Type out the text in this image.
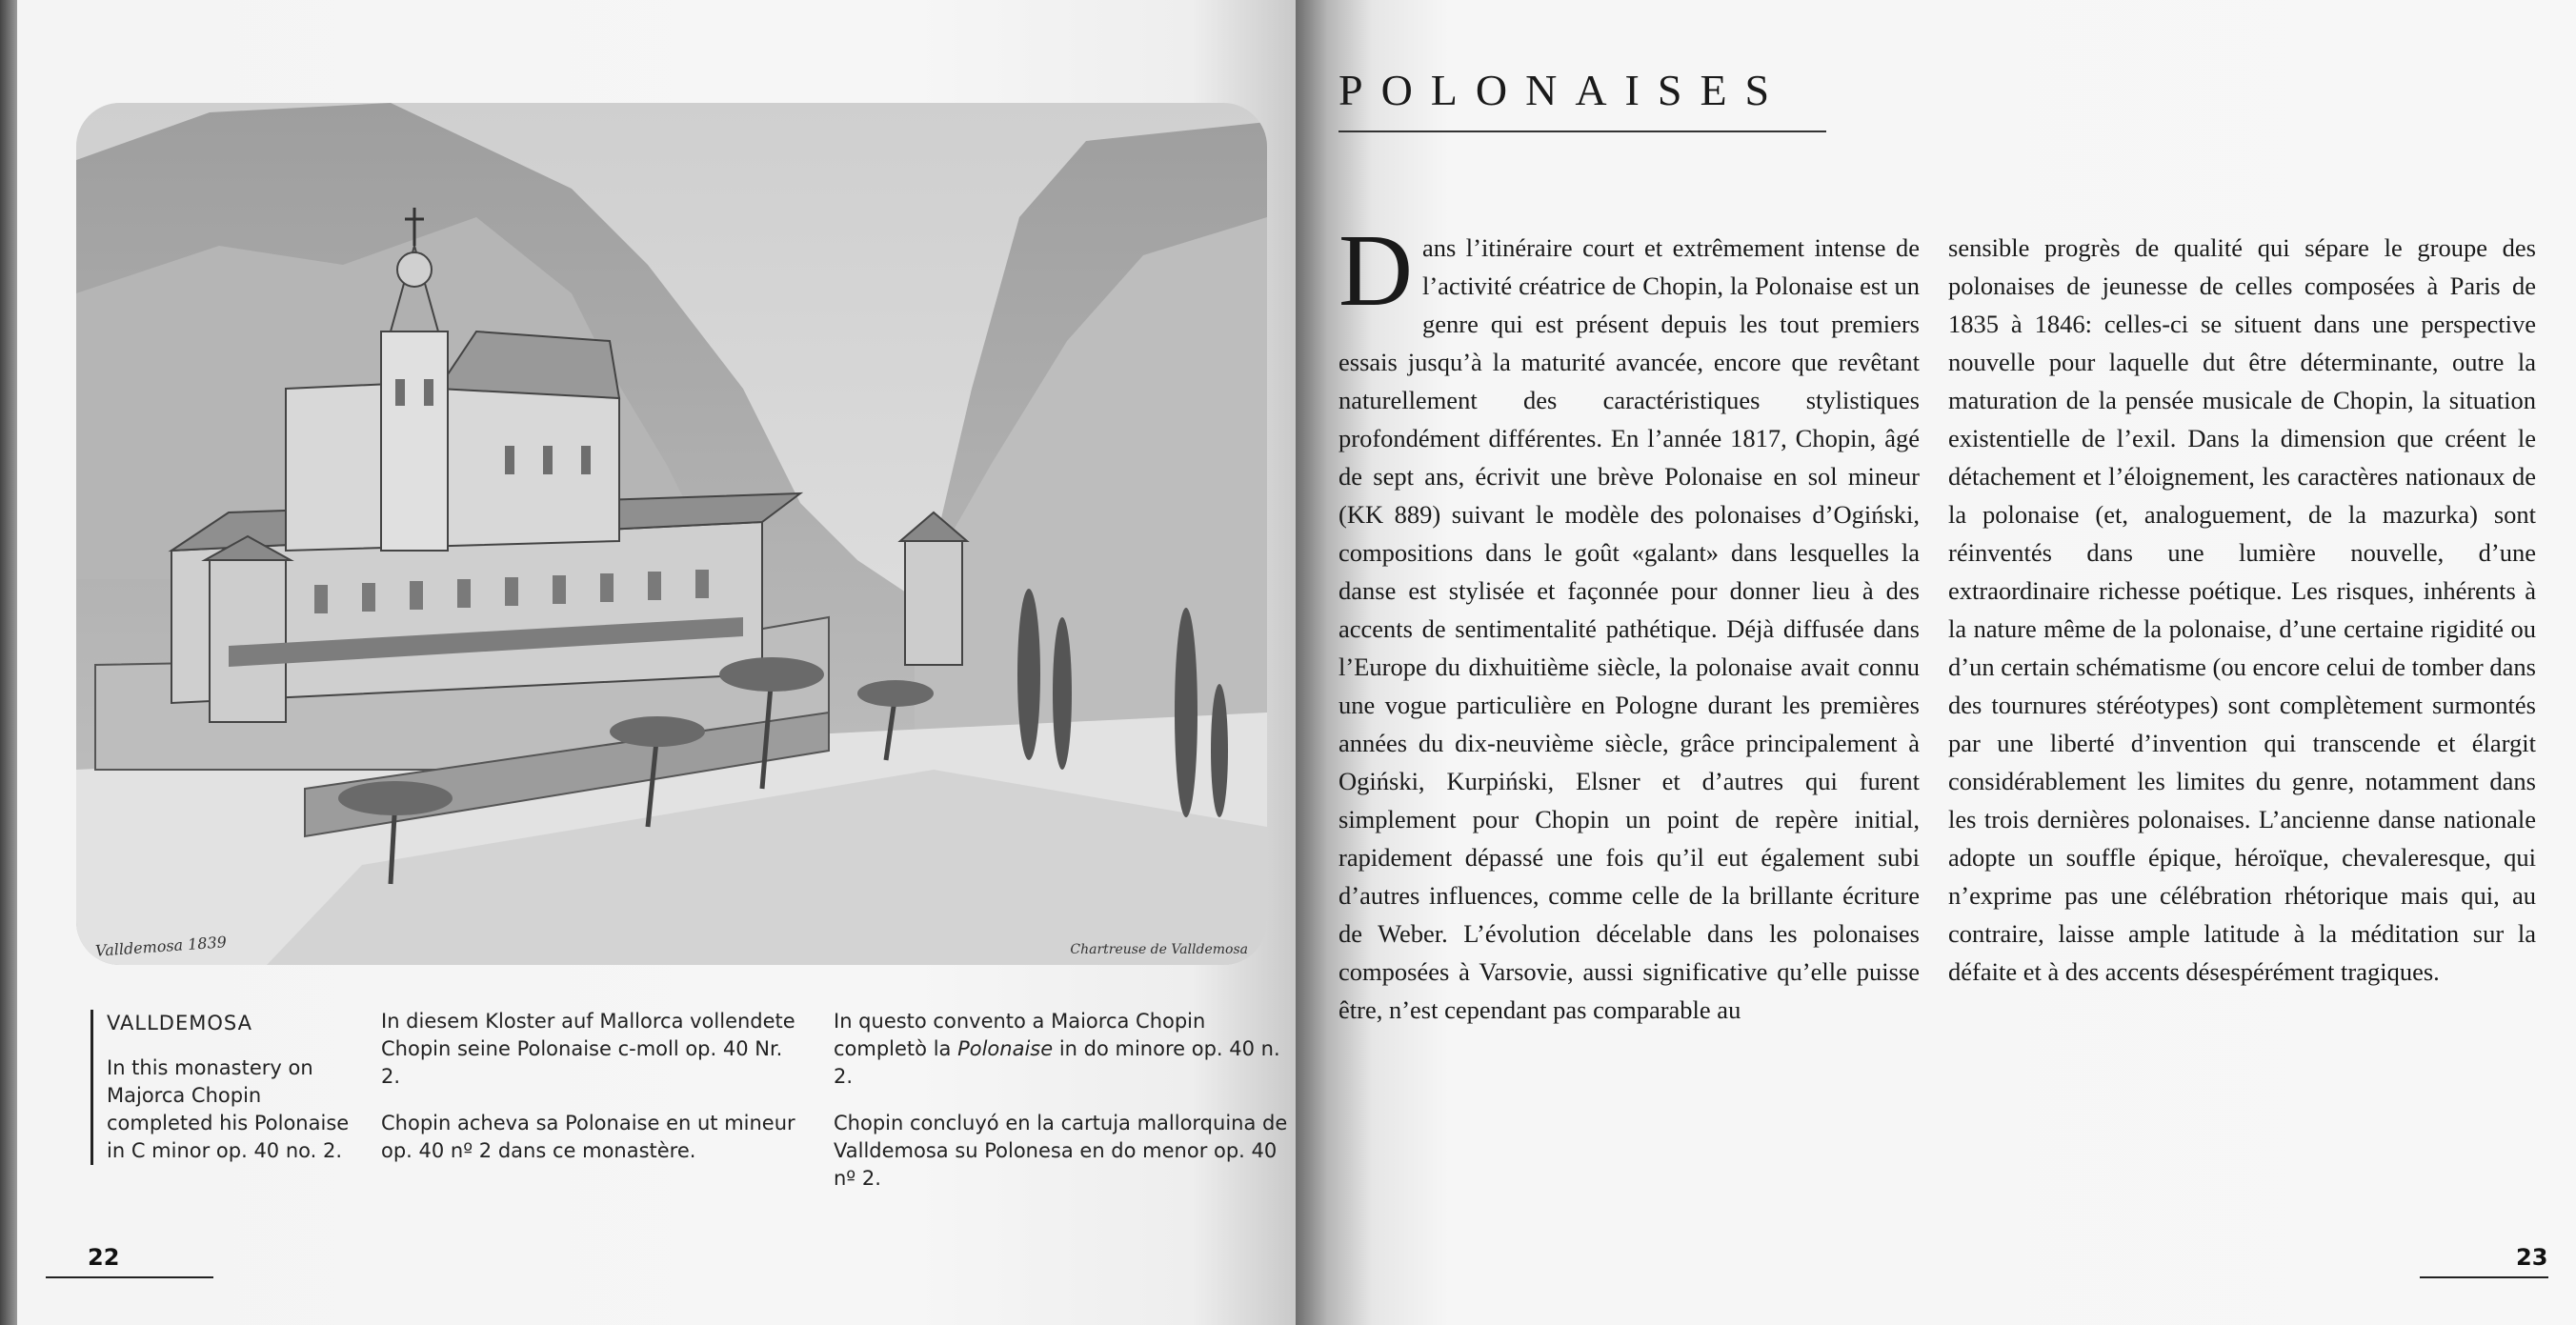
Valldemosa 1839	Chartreuse de Valldemosa
VALLDEMOSA
In this monastery on Majorca Chopin completed his Polonaise in C minor op. 40 no. 2.

In diesem Kloster auf Mallorca vollendete Chopin seine Polonaise c-moll op. 40 Nr. 2.

Chopin acheva sa Polonaise en ut mineur op. 40 nº 2 dans ce monastère.

In questo convento a Maiorca Chopin completò la Polonaise in do minore op. 40 n. 2.

Chopin concluyó en la cartuja mallorquina de Valldemosa su Polonesa en do menor op. 40 nº 2.

22
POLONAISES
D ans l’itinéraire court et extrêmement intense de l’activité créatrice de Chopin, la Polonaise est un genre qui est présent depuis les tout premiers essais jusqu’à la maturité avancée, encore que revêtant naturellement des caractéristiques stylistiques profondément différentes. En l’année 1817, Chopin, âgé de sept ans, écrivit une brève Polonaise en sol mineur (KK 889) suivant le modèle des polonaises d’Ogiński, compositions dans le goût «galant» dans lesquelles la danse est stylisée et façonnée pour donner lieu à des accents de sentimentalité pathétique. Déjà diffusée dans l’Europe du dixhuitième siècle, la polonaise avait connu une vogue particulière en Pologne durant les premières années du dix-neuvième siècle, grâce principalement à Ogiński, Kurpiński, Elsner et d’autres qui furent simplement pour Chopin un point de repère initial, rapidement dépassé une fois qu’il eut également subi d’autres influences, comme celle de la brillante écriture de Weber. L’évolution décelable dans les polonaises composées à Varsovie, aussi significative qu’elle puisse être, n’est cependant pas comparable au

sensible progrès de qualité qui sépare le groupe des polonaises de jeunesse de celles composées à Paris de 1835 à 1846: celles-ci se situent dans une perspective nouvelle pour laquelle dut être déterminante, outre la maturation de la pensée musicale de Chopin, la situation existentielle de l’exil. Dans la dimension que créent le détachement et l’éloignement, les caractères nationaux de la polonaise (et, analoguement, de la mazurka) sont réinventés dans une lumière nouvelle, d’une extraordinaire richesse poétique. Les risques, inhérents à la nature même de la polonaise, d’une certaine rigidité ou d’un certain schématisme (ou encore celui de tomber dans des tournures stéréotypes) sont complètement surmontés par une liberté d’invention qui transcende et élargit considérablement les limites du genre, notamment dans les trois dernières polonaises. L’ancienne danse nationale adopte un souffle épique, héroïque, chevaleresque, qui n’exprime pas une célébration rhétorique mais qui, au contraire, laisse ample latitude à la méditation sur la défaite et à des accents désespérément tragiques.

23
